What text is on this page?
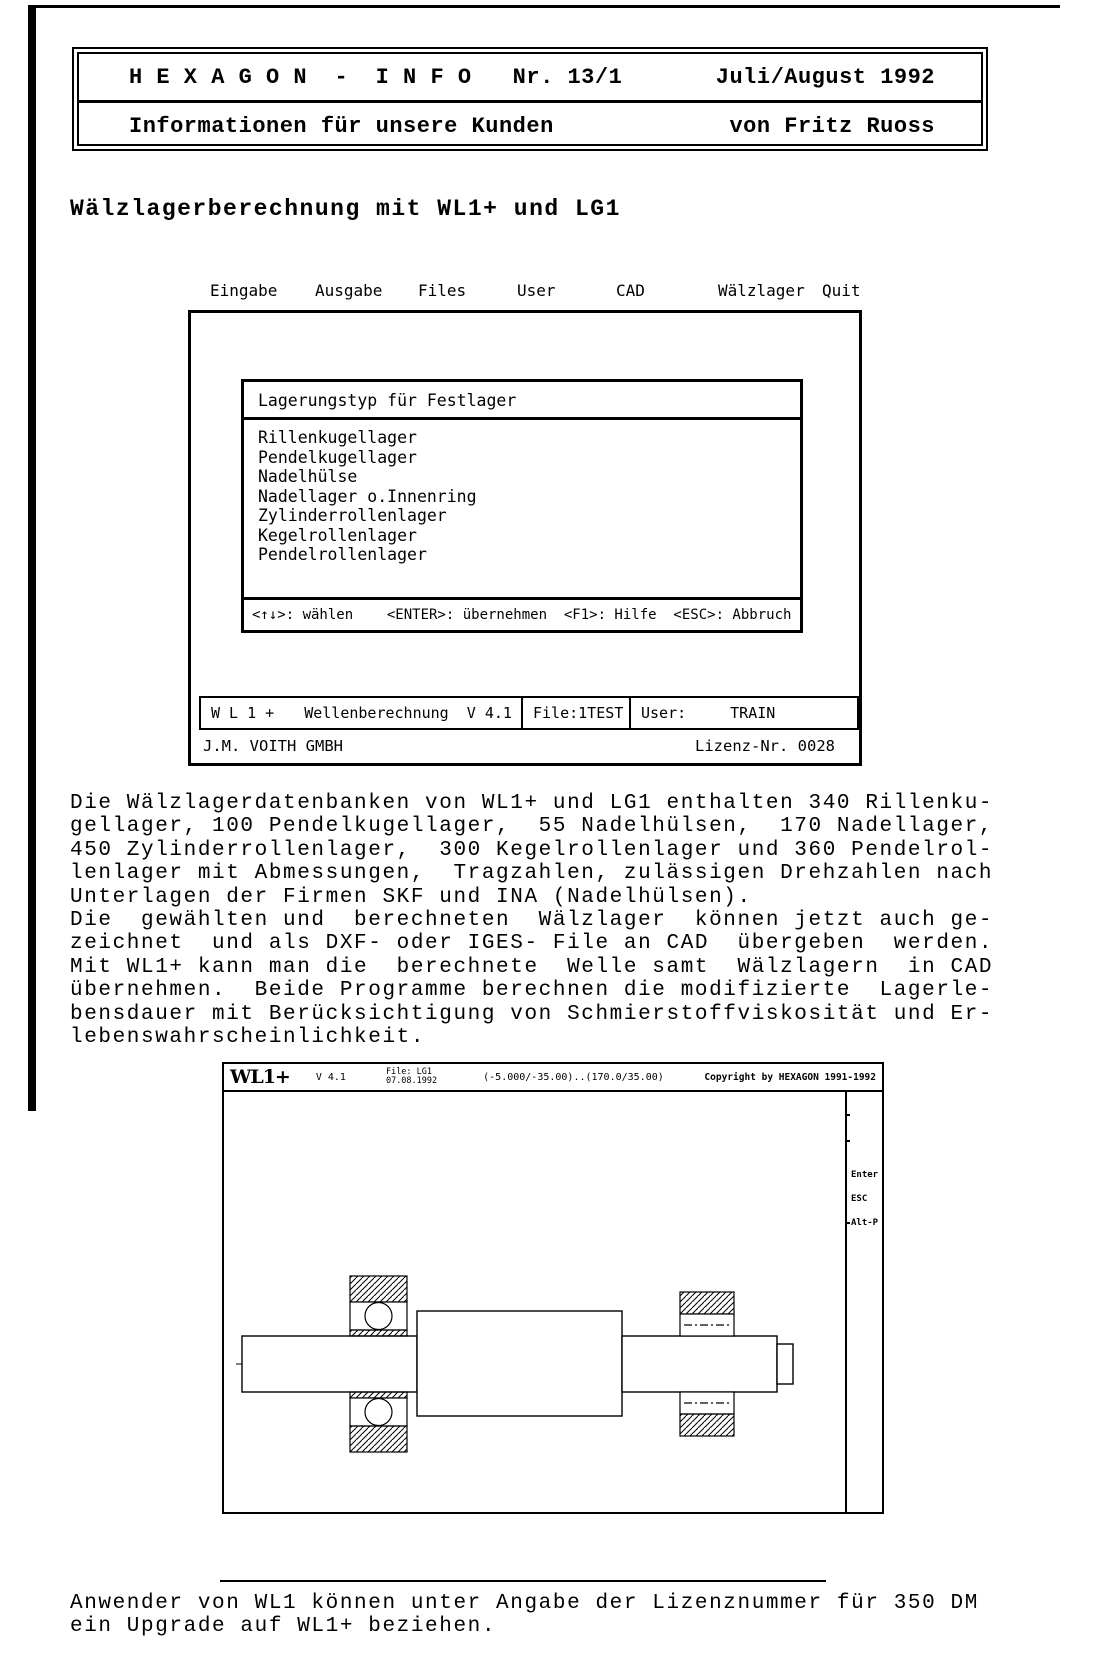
H E X A G O N  -  I N F O   Nr. 13/1	Juli/August 1992
Informationen für unsere Kunden	von Fritz Ruoss
Wälzlagerberechnung mit WL1+ und LG1
Eingabe Ausgabe Files	User	CAD	Wälzlager Quit
Lagerungstyp für Festlager
Rillenkugellager
Pendelkugellager
Nadelhülse
Nadellager o.Innenring
Zylinderrollenlager
Kegelrollenlager
Pendelrollenlager
<↑↓>: wählen    <ENTER>: übernehmen  <F1>: Hilfe  <ESC>: Abbruch
W L 1 + Wellenberechnung  V 4.1 File:1TEST User:	TRAIN
J.M. VOITH GMBH	Lizenz-Nr. 0028
Die Wälzlagerdatenbanken von WL1+ und LG1 enthalten 340 Rillenku-
gellager, 100 Pendelkugellager,  55 Nadelhülsen,  170 Nadellager,
450 Zylinderrollenlager,  300 Kegelrollenlager und 360 Pendelrol-
lenlager mit Abmessungen,  Tragzahlen, zulässigen Drehzahlen nach
Unterlagen der Firmen SKF und INA (Nadelhülsen).
Die  gewählten und  berechneten  Wälzlager  können jetzt auch ge-
zeichnet  und als DXF- oder IGES- File an CAD  übergeben  werden.
Mit WL1+ kann man die  berechnete  Welle samt  Wälzlagern  in CAD
übernehmen.  Beide Programme berechnen die modifizierte  Lagerle-
bensdauer mit Berücksichtigung von Schmierstoffviskosität und Er-
lebenswahrscheinlichkeit.
WL1+	V 4.1	File: LG1
07.08.1992	(-5.000/-35.00)..(170.0/35.00)	Copyright by HEXAGON 1991-1992
Enter
ESC
Alt-P
Anwender von WL1 können unter Angabe der Lizenznummer für 350 DM
ein Upgrade auf WL1+ beziehen.
